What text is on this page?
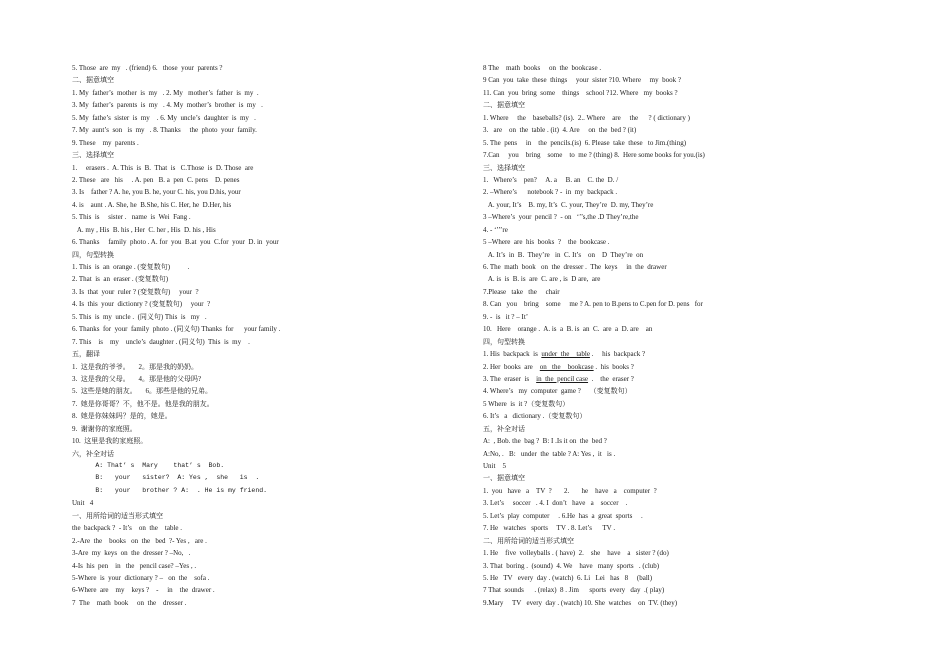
5. Those  are  my   . (friend) 6.   those  your  parents ?
二、据意填空
1. My  father’s  mother  is  my   . 2. My   mother’s  father  is  my  .
3. My  father’s  parents  is  my   . 4. My  mother’s  brother  is  my   .
5. My  fathe’s  sister  is  my    . 6. My  uncle’s  daughter  is  my   .
7. My  aunt’s  son   is  my   . 8. Thanks     the  photo  your  family.
9. These    my  parents .
三、选择填空
1.     erasers .  A. This  is  B.  That  is   C.Those  is  D. Those  are
2. These   are   his     . A. pen   B. a  pen  C. pens    D. penes
3. Is    father ? A. he, you B. he, your C. his, you D.his, your
4. is    aunt . A. She, he  B.She, his C. Her, he  D.Her, his
5. This  is     sister .   name  is  Wei  Fang .
A. my , His  B. his , Her  C. her , His  D. his , His
6. Thanks     family  photo . A. for  you  B.at  you  C.for  your  D. in  your
四，句型转换
1. This  is  an  orange . (变复数句)          .
2. That  is  an  eraser . (变复数句)
3. Is  that  your  ruler ? (变复数句)     your  ?
4. Is  this  your  dictionry ? (变复数句)     your  ?
5. This  is  my  uncle .  (同义句) This  is   my   .
6. Thanks  for  your  family  photo . (同义句) Thanks  for      your family .
7. This    is    my    uncle’s  daughter . (同义句)  This  is  my    .
五，翻译
1.  这是我的爷爷。     2。那是我的奶奶。
3.  这是我的父母。     4。那是他的父母吗?
5.  这些是她的朋友。     6。那些是他的兄弟。
7.  她是你哥哥？不，他不是。他是我的朋友。
8.  她是你妹妹吗？是的，她是。
9.  谢谢你的家庭照。
10.  这里是我的家庭照。
六，补全对话
A: That’ s  Mary    that’ s  Bob.
B:   your   sister?  A: Yes ,  she   is  .
B:   your   brother ? A:  . He is my friend.
Unit   4
一、用所给词的适当形式填空
the  backpack ?  - It’s    on  the    table .
2.-Are  the    books   on  the   bed  ?- Yes ,   are .
3-Are  my  keys  on  the  dresser ? –No,   .
4-Is  his  pen    in   the   pencil case? –Yes , .
5-Where  is  your  dictionary ? –   on  the    sofa .
6-Where  are    my    keys ?    -     in    the  drawer .
7  The    math  book     on  the    dresser .
8 The    math  books     on  the  bookcase .
9 Can  you  take  these  things     your  sister ?10. Where     my  book ?
11. Can  you  bring  some    things    school ?12. Where   my  books ?
二、据意填空
1. Where     the    baseballs? (is).  2.. Where    are     the      ? ( dictionary )
3.   are    on  the  table . (it)  4. Are     on  the  bed ? (it)
5. The  pens     in    the  pencils.(is)  6. Please  take  these   to Jim.(thing)
7.Can     you    bring    some    to  me ? (thing) 8.  Here some books for you.(is)
三、选择填空
1.   Where’s    pen?     A. a     B. an    C. the  D. /
2. –Where’s      notebook ? -  in  my  backpack .
A. your, It’s    B. my, It’s  C. your, They’re  D. my, They’re
3 –Where’s  your  pencil ?  - on   ‘’’s,the .D They’re,the
4. - ‘’’’re
5 –Where  are  his  books  ?    the  bookcase .
A. It’s  in  B.  They’re   in  C. It’s    on    D  They’re  on
6. The  math  book   on  the  dresser .  The  keys     in  the  drawer
A. is  is  B. is  are  C. are , is  D are,  are
7.Please   take   the     chair
8. Can   you    bring    some     me ? A. pen to B.pens to C.pen for D. pens   for
9. -  is   it ? – It’
10.   Here    orange .  A. is  a  B. is  an  C.  are  a  D. are    an
四，句型转换
1. His  backpack  is  under  the    table .     his  backpack ?
2. Her  books  are    on   the    bookcase .  his  books ?
3. The  eraser  is    in  the  pencil case  .    the  eraser ?
4. Where’s   my  computer  game ?     （变复数句）
5 Where  is  it ?（变复数句）
6. It’s   a   dictionary .（变复数句）
五，补全对话
A:  , Bob. the  bag ?  B: I .Is it on  the  bed ?
A:No, .   B:   under  the  table ? A: Yes ,  it   is .
Unit    5
一、据意填空
1.  you   have   a    TV  ?       2.       he    have   a    computer  ?
3. Let’s     soccer   . 4. I  don’t   have   a    soccer    .
5. Let’s  play  computer     . 6.He  has  a  great  sports     .
7. He   watches   sports     TV . 8. Let’s      TV .
二、用所给词的适当形式填空
1. He    five  volleyballs . ( have)  2.    she    have    a   sister ? (do)
3. That  boring .  (sound)  4. We    have   many  sports   . (club)
5. He   TV   every  day . (watch)  6. Li   Lei   has   8     (ball)
7 That  sounds      . (relax)  8 . Jim      sports  every   day  .( play)
9.Mary     TV   every  day . (watch) 10. She  watches    on  TV. (they)
